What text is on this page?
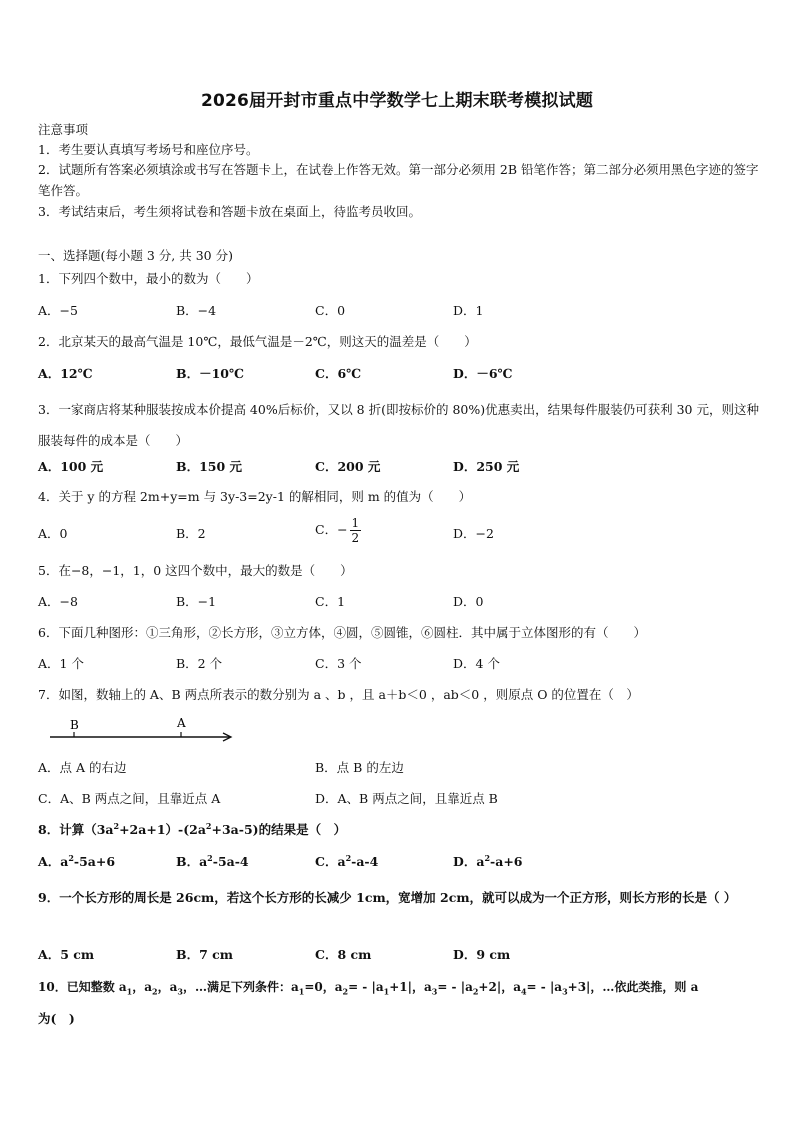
2026届开封市重点中学数学七上期末联考模拟试题
注意事项
1．考生要认真填写考场号和座位序号。
2．试题所有答案必须填涂或书写在答题卡上，在试卷上作答无效。第一部分必须用 2B 铅笔作答；第二部分必须用黑色字迹的签字笔作答。
3．考试结束后，考生须将试卷和答题卡放在桌面上，待监考员收回。
一、选择题(每小题 3 分, 共 30 分)
1．下列四个数中，最小的数为（　　）
A．−5	B．−4	C．0	D．1
2．北京某天的最高气温是 10℃，最低气温是－2℃，则这天的温差是（　　）
A．12℃	B．－10℃	C．6℃	D．－6℃
3．一家商店将某种服装按成本价提高 40%后标价，又以 8 折(即按标价的 80%)优惠卖出，结果每件服装仍可获利 30 元，则这种服装每件的成本是（　　）
A．100 元	B．150 元	C．200 元	D．250 元
4．关于 y 的方程 2m+y=m 与 3y-3=2y-1 的解相同，则 m 的值为（　　）
A．0	B．2	C．− $\frac{1}{2}$	D．−2
5．在−8，−1，1，0 这四个数中，最大的数是（　　）
A．−8	B．−1	C．1	D．0
6．下面几种图形：①三角形，②长方形，③立方体，④圆，⑤圆锥，⑥圆柱．其中属于立体图形的有（　　）
A．1 个	B．2 个	C．3 个	D．4 个
7．如图，数轴上的 A、B 两点所表示的数分别为 a 、b ，且 a＋b＜0 ，ab＜0 ，则原点 O 的位置在（　）
B	A
A．点 A 的右边	B．点 B 的左边
C．A、B 两点之间，且靠近点 A	D．A、B 两点之间，且靠近点 B
8．计算$(3a^2+2a+1)-(2a^2+3a-5)$的结果是（　）
A．$a^2-5a+6$	B．$a^2-5a-4$	C．$a^2-a-4$	D．$a^2-a+6$
9．一个长方形的周长是 26cm，若这个长方形的长减少 1cm，宽增加 2cm，就可以成为一个正方形，则长方形的长是（ ）
A．5 cm	B．7 cm	C．8 cm	D．9 cm
10．已知整数 $a_1$，$a_2$，$a_3$，…满足下列条件：$a_1=0$，$a_2= - |a_1+1|$，$a_3= - |a_2+2|$，$a_4= - |a_3+3|$，…依此类推，则 a
为(　)
